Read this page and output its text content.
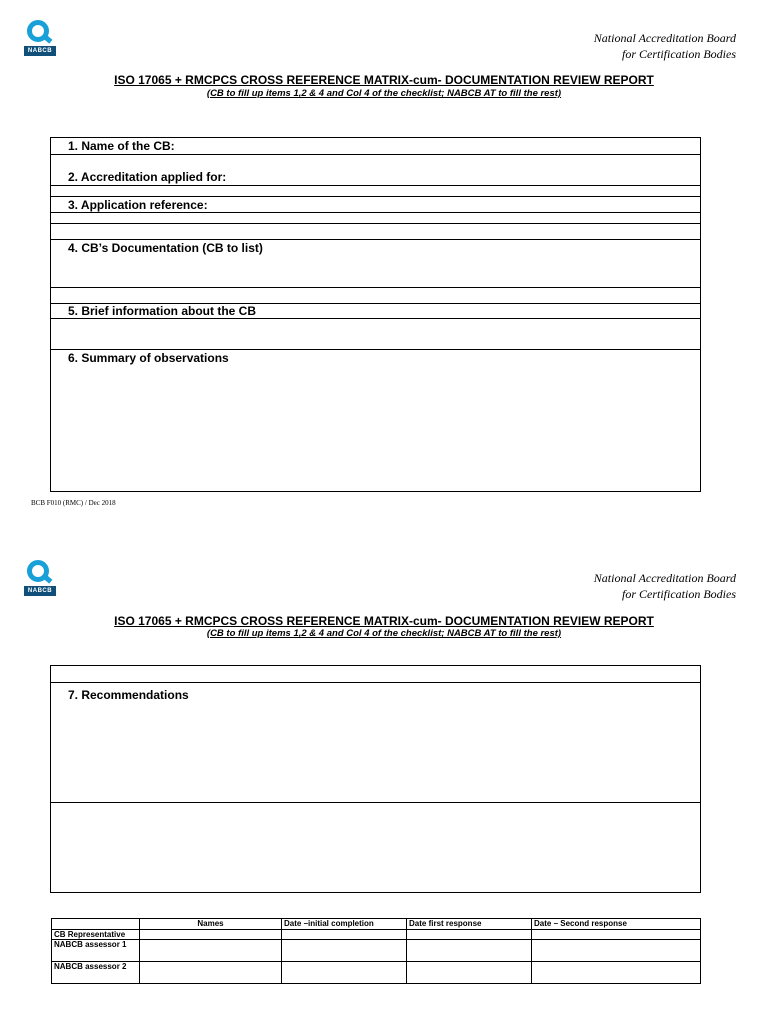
NABCB
National Accreditation Board
for Certification Bodies
ISO 17065 + RMCPCS CROSS REFERENCE MATRIX-cum- DOCUMENTATION REVIEW REPORT
(CB to fill up items 1,2 & 4 and Col 4 of the checklist; NABCB AT to fill the rest)
1. Name of the CB:
2. Accreditation applied for:
3. Application reference:
4. CB’s Documentation (CB to list)
5. Brief information about the CB
6. Summary of observations
BCB F010 (RMC) / Dec 2018
NABCB
National Accreditation Board
for Certification Bodies
ISO 17065 + RMCPCS CROSS REFERENCE MATRIX-cum- DOCUMENTATION REVIEW REPORT
(CB to fill up items 1,2 & 4 and Col 4 of the checklist; NABCB AT to fill the rest)
7. Recommendations
	Names	Date –initial completion	Date first response	Date – Second response
CB Representative				
NABCB assessor 1				
NABCB assessor 2				
